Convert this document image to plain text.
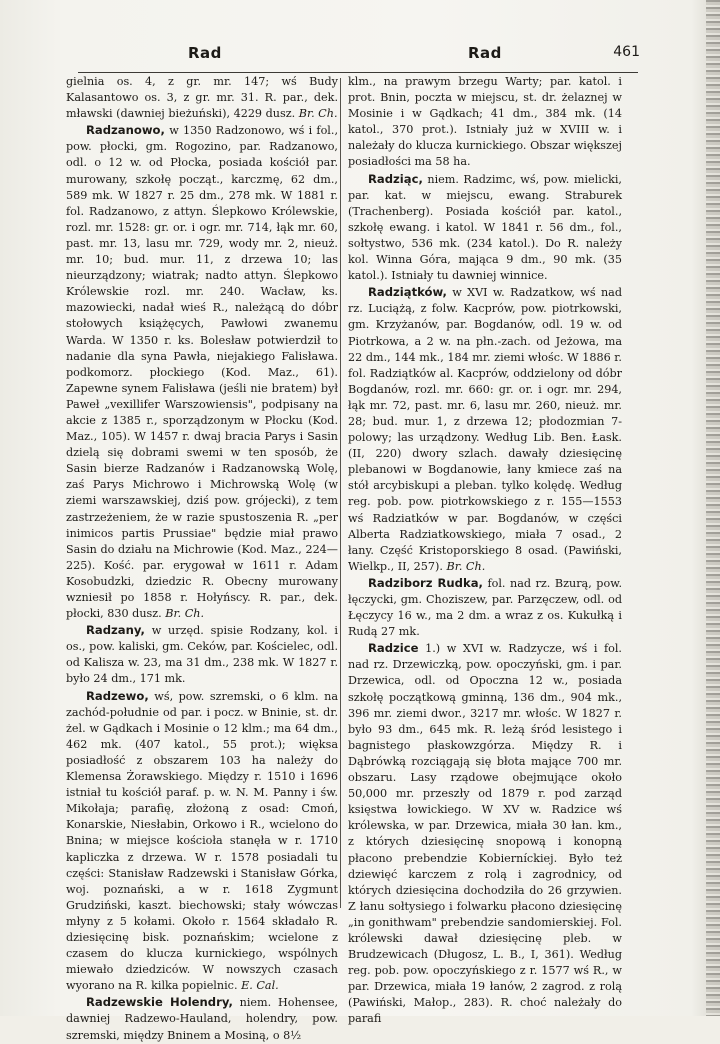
Rad	Rad	461

gielnia os. 4, z gr. mr. 147; wś Budy Kalasantowo os. 3, z gr. mr. 31. R. par., dek. mławski (dawniej bieżuński), 4229 dusz. Br. Ch.

Radzanowo, w 1350 Radzonowo, wś i fol., pow. płocki, gm. Rogozino, par. Radzanowo, odl. o 12 w. od Płocka, posiada kościół par. murowany, szkołę począt., karczmę, 62 dm., 589 mk. W 1827 r. 25 dm., 278 mk. W 1881 r. fol. Radzanowo, z attyn. Ślepkowo Królewskie, rozl. mr. 1528: gr. or. i ogr. mr. 714, łąk mr. 60, past. mr. 13, lasu mr. 729, wody mr. 2, nieuż. mr. 10; bud. mur. 11, z drzewa 10; las nieurządzony; wiatrak; nadto attyn. Ślepkowo Królewskie rozl. mr. 240. Wacław, ks. mazowiecki, nadał wieś R., należącą do dóbr stołowych książęcych, Pawłowi zwanemu Warda. W 1350 r. ks. Bolesław potwierdził to nadanie dla syna Pawła, niejakiego Falisława. podkomorz. płockiego (Kod. Maz., 61). Zapewne synem Falisława (jeśli nie bratem) był Paweł „vexillifer Warszowiensis", podpisany na akcie z 1385 r., sporządzonym w Płocku (Kod. Maz., 105). W 1457 r. dwaj bracia Parys i Sasin dzielą się dobrami swemi w ten sposób, że Sasin bierze Radzanów i Radzanowską Wolę, zaś Parys Michrowo i Michrowską Wolę (w ziemi warszawskiej, dziś pow. grójecki), z tem zastrzeżeniem, że w razie spustoszenia R. „per inimicos partis Prussiae" będzie miał prawo Sasin do działu na Michrowie (Kod. Maz., 224—225). Kość. par. erygował w 1611 r. Adam Kosobudzki, dziedzic R. Obecny murowany wzniesił po 1858 r. Hołyńscy. R. par., dek. płocki, 830 dusz. Br. Ch.

Radzany, w urzęd. spisie Rodzany, kol. i os., pow. kaliski, gm. Ceków, par. Kościelec, odl. od Kalisza w. 23, ma 31 dm., 238 mk. W 1827 r. było 24 dm., 171 mk.

Radzewo, wś, pow. szremski, o 6 klm. na zachód-południe od par. i pocz. w Bninie, st. dr. żel. w Gądkach i Mosinie o 12 klm.; ma 64 dm., 462 mk. (407 katol., 55 prot.); więksa posiadłość z obszarem 103 ha należy do Klemensa Żorawskiego. Między r. 1510 i 1696 istniał tu kościół paraf. p. w. N. M. Panny i św. Mikołaja; parafię, złożoną z osad: Cmoń, Konarskie, Niesłabin, Orkowo i R., wcielono do Bnina; w miejsce kościoła stanęła w r. 1710 kapliczka z drzewa. W r. 1578 posiadali tu części: Stanisław Radzewski i Stanisław Górka, woj. poznański, a w r. 1618 Zygmunt Grudziński, kaszt. biechowski; stały wówczas młyny z 5 kołami. Około r. 1564 składało R. dziesięcinę bisk. poznańskim; wcielone z czasem do klucza kurnickiego, wspólnych miewało dziedziców. W nowszych czasach wyorano na R. kilka popielnic. E. Cal.

Radzewskie Holendry, niem. Hohensee, dawniej Radzewo-Hauland, holendry, pow. szremski, między Bninem a Mosiną, o 8½

klm., na prawym brzegu Warty; par. katol. i prot. Bnin, poczta w miejscu, st. dr. żelaznej w Mosinie i w Gądkach; 41 dm., 384 mk. (14 katol., 370 prot.). Istniały już w XVIII w. i należały do klucza kurnickiego. Obszar większej posiadłości ma 58 ha.

Radziąc, niem. Radzimc, wś, pow. mielicki, par. kat. w miejscu, ewang. Straburek (Trachenberg). Posiada kościół par. katol., szkołę ewang. i katol. W 1841 r. 56 dm., fol., sołtystwo, 536 mk. (234 katol.). Do R. należy kol. Winna Góra, mająca 9 dm., 90 mk. (35 katol.). Istniały tu dawniej winnice.

Radziątków, w XVI w. Radzatkow, wś nad rz. Luciążą, z folw. Kacprów, pow. piotrkowski, gm. Krzyżanów, par. Bogdanów, odl. 19 w. od Piotrkowa, a 2 w. na płn.-zach. od Jeżowa, ma 22 dm., 144 mk., 184 mr. ziemi włośc. W 1886 r. fol. Radziątków al. Kacprów, oddzielony od dóbr Bogdanów, rozl. mr. 660: gr. or. i ogr. mr. 294, łąk mr. 72, past. mr. 6, lasu mr. 260, nieuż. mr. 28; bud. mur. 1, z drzewa 12; płodozmian 7-polowy; las urządzony. Według Lib. Ben. Łask. (II, 220) dwory szlach. dawały dziesięcinę plebanowi w Bogdanowie, łany kmiece zaś na stół arcybiskupi a pleban. tylko kolędę. Według reg. pob. pow. piotrkowskiego z r. 155—1553 wś Radziatków w par. Bogdanów, w części Alberta Radziatkowskiego, miała 7 osad., 2 łany. Część Kristoporskiego 8 osad. (Pawiński, Wielkp., II, 257). Br. Ch.

Radziborz Rudka, fol. nad rz. Bzurą, pow. łęczycki, gm. Choziszew, par. Parzęczew, odl. od Łęczycy 16 w., ma 2 dm. a wraz z os. Kukułką i Rudą 27 mk.

Radzice 1.) w XVI w. Radzycze, wś i fol. nad rz. Drzewiczką, pow. opoczyński, gm. i par. Drzewica, odl. od Opoczna 12 w., posiada szkołę początkową gminną, 136 dm., 904 mk., 396 mr. ziemi dwor., 3217 mr. włośc. W 1827 r. było 93 dm., 645 mk. R. leżą śród lesistego i bagnistego płaskowzgórza. Między R. i Dąbrówką rozciągają się błota mające 700 mr. obszaru. Lasy rządowe obejmujące około 50,000 mr. przeszły od 1879 r. pod zarząd księstwa łowickiego. W XV w. Radzice wś królewska, w par. Drzewica, miała 30 łan. km., z których dziesięcinę snopową i konopną płacono prebendzie Kobierníckiej. Było też dziewięć karczem z rolą i zagrodnicy, od których dziesięcina dochodziła do 26 grzywien. Z łanu sołtysiego i folwarku płacono dziesięcinę „in gonithwam" prebendzie sandomierskiej. Fol. królewski dawał dziesięcinę pleb. w Brudzewicach (Długosz, L. B., I, 361). Według reg. pob. pow. opoczyńskiego z r. 1577 wś R., w par. Drzewica, miała 19 łanów, 2 zagrod. z rolą (Pawiński, Małop., 283). R. choć należały do parafi
